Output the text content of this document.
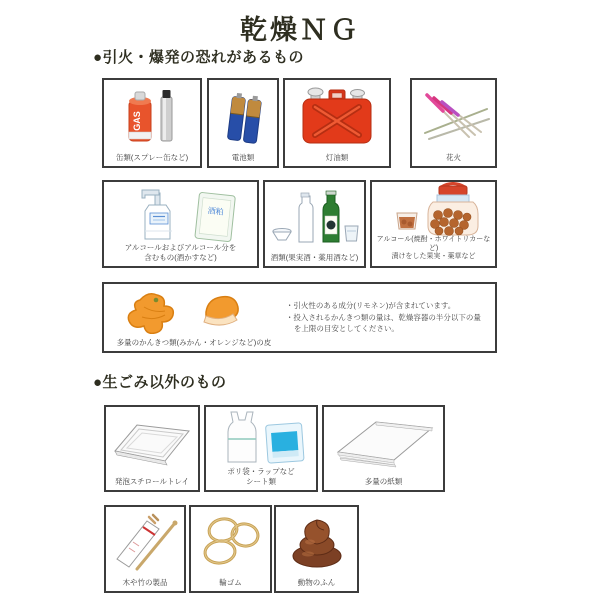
乾燥ＮＧ
●引火・爆発の恐れがあるもの
GAS
缶類(スプレー缶など)	電池類	灯油類	花火
酒粕
アルコールおよびアルコール分を
含むもの(酒かすなど)	酒類(果実酒・薬用酒など)
アルコール(焼酎・ホワイトリカーなど)
漬けをした果実・薬草など
多量のかんきつ類(みかん・オレンジなど)の皮
・引火性のある成分(リモネン)が含まれています。
・投入されるかんきつ類の量は、乾燥容器の半分以下の量を上限の目安としてください。
●生ごみ以外のもの
発泡スチロールトレイ
ポリ袋・ラップなど
シート類	多量の紙類
木や竹の製品	輪ゴム	動物のふん
